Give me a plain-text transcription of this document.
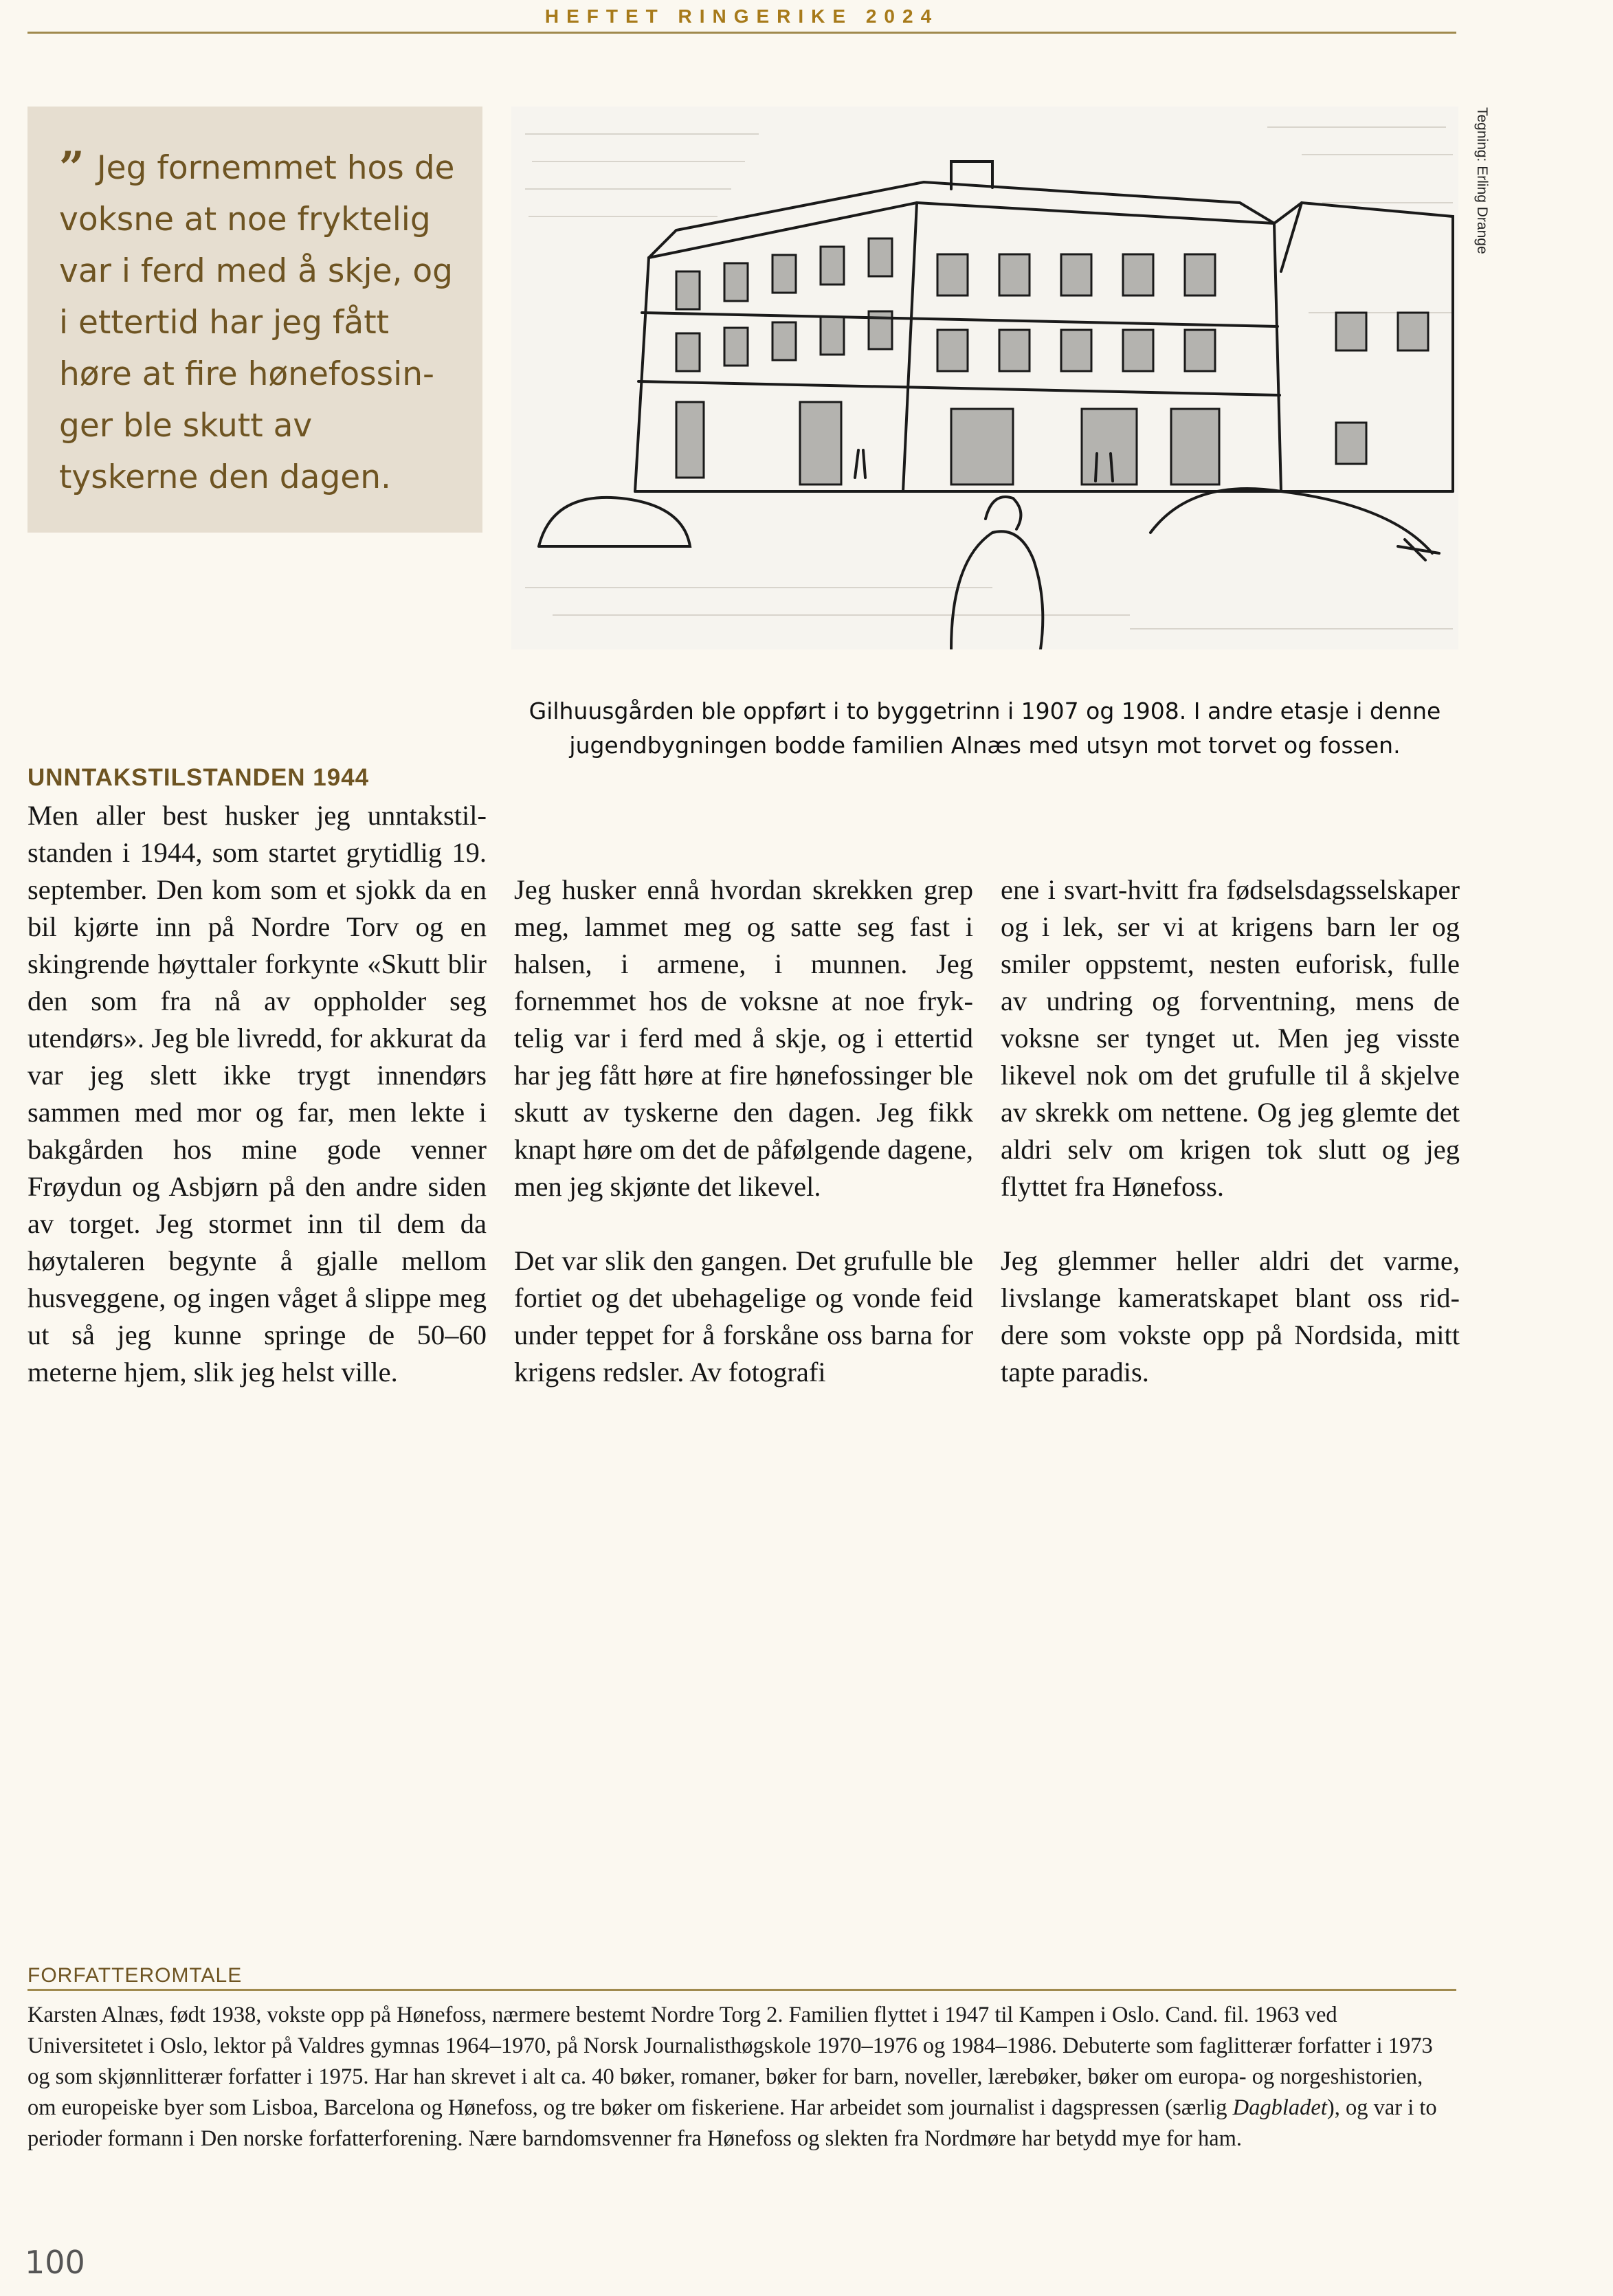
HEFTET RINGERIKE 2024
” Jeg fornemmet hos de voksne at noe fryktelig var i ferd med å skje, og i ettertid har jeg fått høre at fire hønefossinger ble skutt av tyskerne den dagen.
Tegning: Erling Drange
Gilhuusgården ble oppført i to byggetrinn i 1907 og 1908. I andre etasje i denne
jugendbygningen bodde familien Alnæs med utsyn mot torvet og fossen.
UNNTAKSTILSTANDEN 1944

Men aller best husker jeg unntakstilstanden i 1944, som startet grytidlig 19. september. Den kom som et sjokk da en bil kjørte inn på Nordre Torv og en skingrende høyttaler forkynte «Skutt blir den som fra nå av oppholder seg utendørs». Jeg ble livredd, for akkurat da var jeg slett ikke trygt innendørs sammen med mor og far, men lekte i bakgården hos mine gode venner Frøydun og Asbjørn på den andre siden av torget. Jeg stormet inn til dem da høytaleren begynte å gjalle mellom husveggene, og ingen våget å slippe meg ut så jeg kunne springe de 50–60 meterne hjem, slik jeg helst ville.

Jeg husker ennå hvordan skrekken grep meg, lammet meg og satte seg fast i halsen, i armene, i munnen. Jeg fornemmet hos de voksne at noe fryktelig var i ferd med å skje, og i ettertid har jeg fått høre at fire hønefossinger ble skutt av tyskerne den dagen. Jeg fikk knapt høre om det de påfølgende dagene, men jeg skjønte det likevel.

Det var slik den gangen. Det grufulle ble fortiet og det ubehagelige og vonde feid under teppet for å forskåne oss barna for krigens redsler. Av fotografi

ene i svart-hvitt fra fødselsdagsselskaper og i lek, ser vi at krigens barn ler og smiler oppstemt, nesten euforisk, fulle av undring og forventning, mens de voksne ser tynget ut. Men jeg visste likevel nok om det grufulle til å skjelve av skrekk om nettene. Og jeg glemte det aldri selv om krigen tok slutt og jeg flyttet fra Hønefoss.

Jeg glemmer heller aldri det varme, livslange kameratskapet blant oss riddere som vokste opp på Nordsida, mitt tapte paradis.

FORFATTEROMTALE

Karsten Alnæs, født 1938, vokste opp på Hønefoss, nærmere bestemt Nordre Torg 2. Familien flyttet i 1947 til Kampen i Oslo. Cand. fil. 1963 ved Universitetet i Oslo, lektor på Valdres gymnas 1964–1970, på Norsk Journalisthøgskole 1970–1976 og 1984–1986. Debuterte som faglitterær forfatter i 1973 og som skjønnlitterær forfatter i 1975. Har han skrevet i alt ca. 40 bøker, romaner, bøker for barn, noveller, lærebøker, bøker om europa- og norgeshistorien, om europeiske byer som Lisboa, Barcelona og Hønefoss, og tre bøker om fiskeriene. Har arbeidet som journalist i dagspressen (særlig Dagbladet), og var i to perioder formann i Den norske forfatterforening. Nære barndomsvenner fra Hønefoss og slekten fra Nordmøre har betydd mye for ham.

100
